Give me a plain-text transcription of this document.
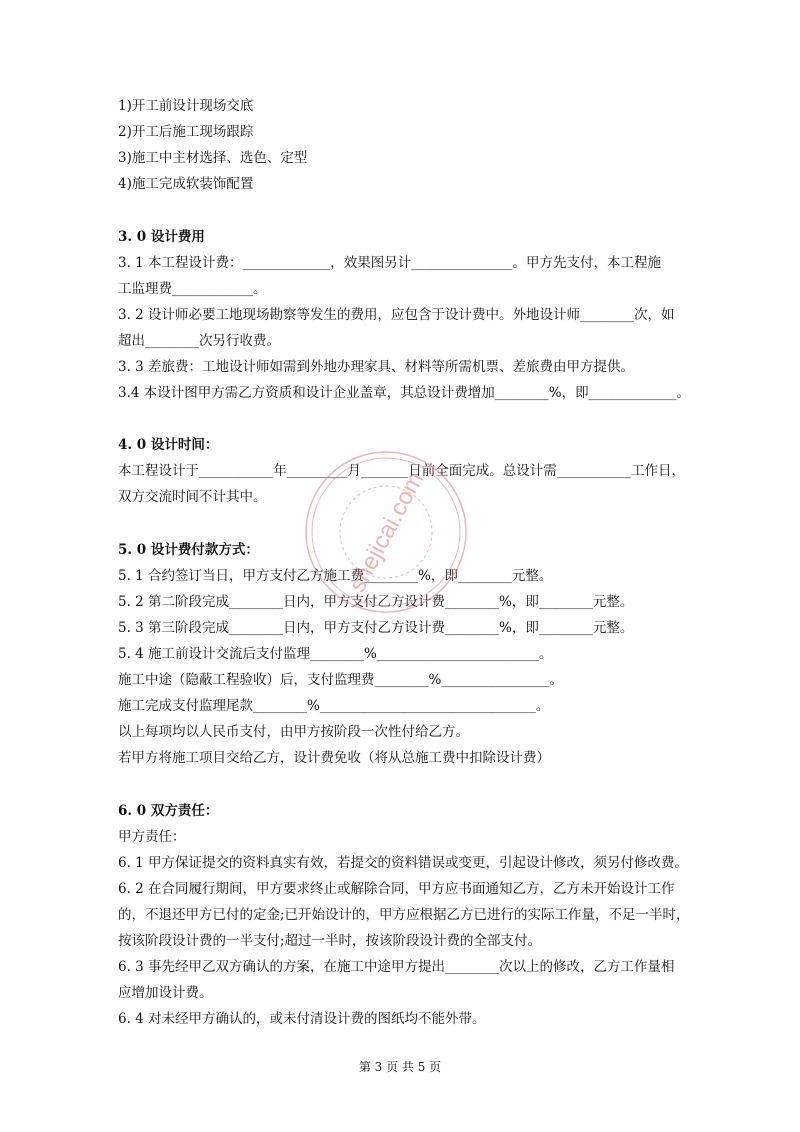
1)开工前设计现场交底
2)开工后施工现场跟踪
3)施工中主材选择、选色、定型
4)施工完成软装饰配置
3. 0 设计费用
3. 1 本工程设计费：_____________，效果图另计_______________。甲方先支付，本工程施
工监理费____________。
3. 2 设计师必要工地现场勘察等发生的费用，应包含于设计费中。外地设计师________次，如
超出________次另行收费。
3. 3 差旅费：工地设计师如需到外地办理家具、材料等所需机票、差旅费由甲方提供。
3.4 本设计图甲方需乙方资质和设计企业盖章，其总设计费增加________%，即_____________。
4. 0 设计时间：
本工程设计于___________年_________月_______日前全面完成。总设计需___________工作日，
双方交流时间不计其中。
5. 0 设计费付款方式：
5. 1 合约签订当日，甲方支付乙方施工费________%，即________元整。
5. 2 第二阶段完成________日内，甲方支付乙方设计费________%，即________元整。
5. 3 第三阶段完成________日内，甲方支付乙方设计费________%，即________元整。
5. 4 施工前设计交流后支付监理________%________________________。
施工中途（隐蔽工程验收）后，支付监理费________%________________。
施工完成支付监理尾款________%________________________________。
以上每项均以人民币支付，由甲方按阶段一次性付给乙方。
若甲方将施工项目交给乙方，设计费免收（将从总施工费中扣除设计费）
6. 0 双方责任：
甲方责任：
6. 1 甲方保证提交的资料真实有效，若提交的资料错误或变更，引起设计修改，须另付修改费。
6. 2 在合同履行期间，甲方要求终止或解除合同，甲方应书面通知乙方，乙方未开始设计工作
的，不退还甲方已付的定金;已开始设计的，甲方应根据乙方已进行的实际工作量，不足一半时，
按该阶段设计费的一半支付;超过一半时，按该阶段设计费的全部支付。
6. 3 事先经甲乙双方确认的方案，在施工中途甲方提出________次以上的修改，乙方工作量相
应增加设计费。
6. 4 对未经甲方确认的，或未付清设计费的图纸均不能外带。
shejicai.com
第 3 页 共 5 页
